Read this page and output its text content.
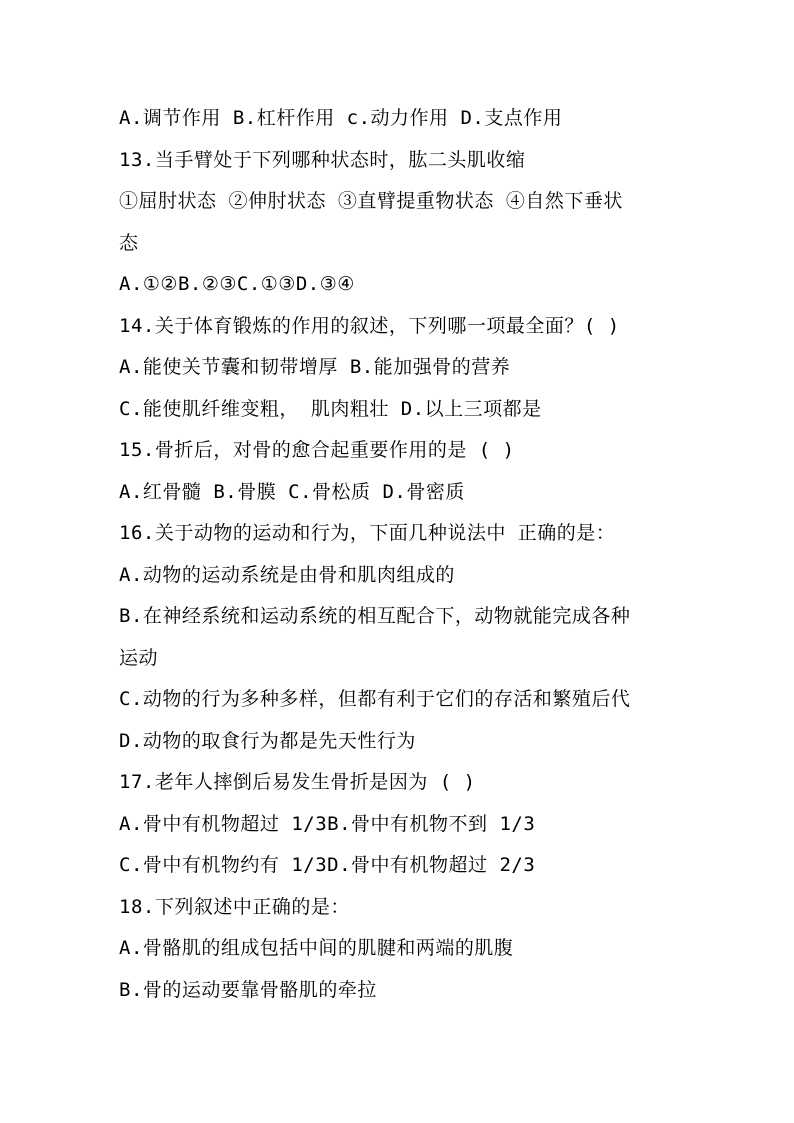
A.调节作用 B.杠杆作用 c.动力作用 D.支点作用
13.当手臂处于下列哪种状态时，肱二头肌收缩
①屈肘状态 ②伸肘状态 ③直臂提重物状态 ④自然下垂状
态
A.①②B.②③C.①③D.③④
14.关于体育锻炼的作用的叙述，下列哪一项最全面？( )
A.能使关节囊和韧带增厚 B.能加强骨的营养
C.能使肌纤维变粗， 肌肉粗壮 D.以上三项都是
15.骨折后，对骨的愈合起重要作用的是 ( )
A.红骨髓 B.骨膜 C.骨松质 D.骨密质
16.关于动物的运动和行为，下面几种说法中 正确的是：
A.动物的运动系统是由骨和肌肉组成的
B.在神经系统和运动系统的相互配合下，动物就能完成各种
运动
C.动物的行为多种多样，但都有利于它们的存活和繁殖后代
D.动物的取食行为都是先天性行为
17.老年人摔倒后易发生骨折是因为 ( )
A.骨中有机物超过 1/3B.骨中有机物不到 1/3
C.骨中有机物约有 1/3D.骨中有机物超过 2/3
18.下列叙述中正确的是：
A.骨骼肌的组成包括中间的肌腱和两端的肌腹
B.骨的运动要靠骨骼肌的牵拉
